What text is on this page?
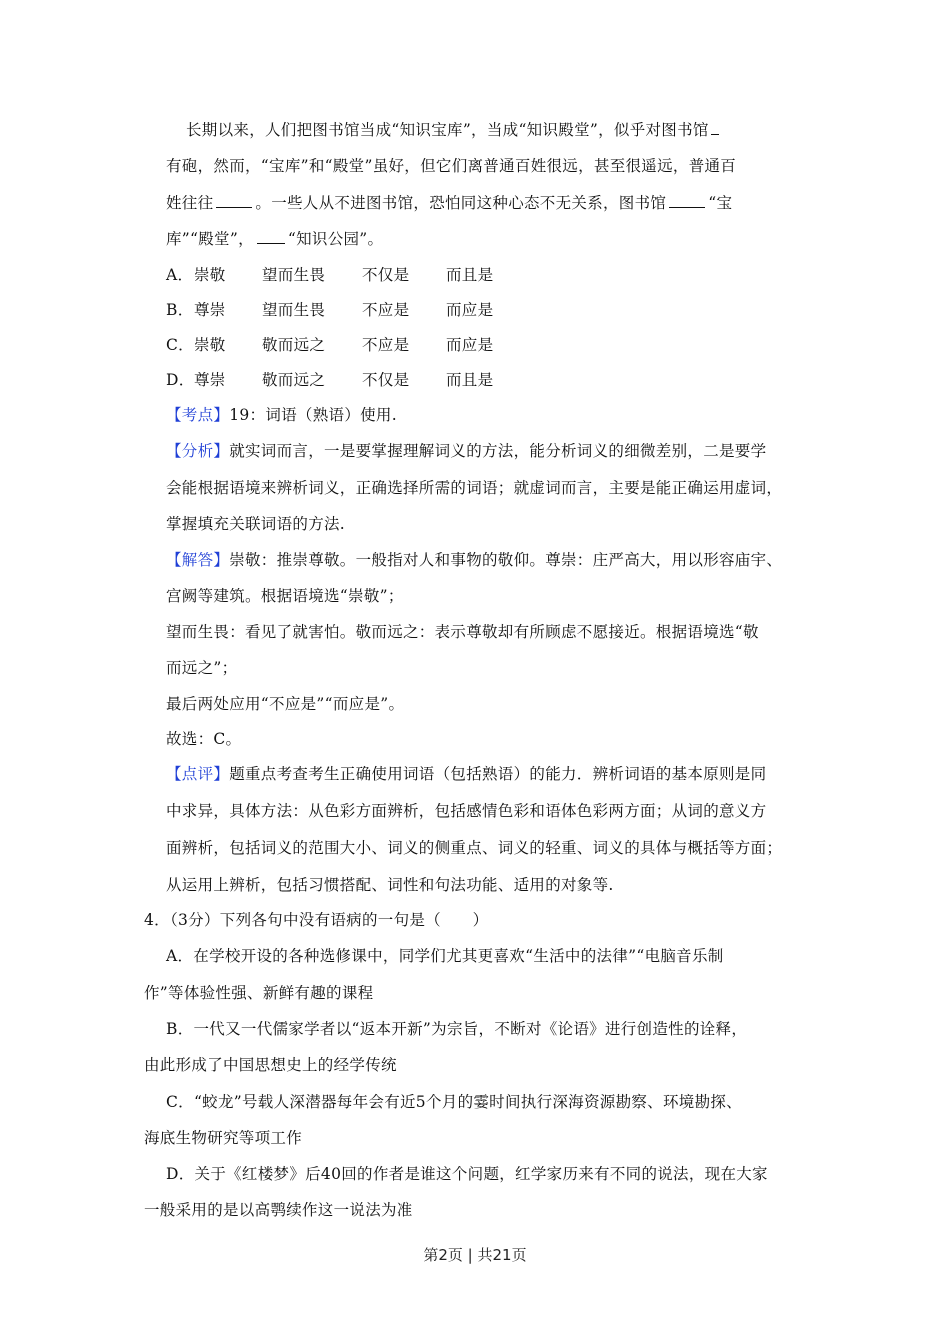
长期以来，人们把图书馆当成“知识宝库”，当成“知识殿堂”，似乎对图书馆
有砲，然而，“宝库”和“殿堂”虽好，但它们离普通百姓很远，甚至很遥远，普通百
姓往往	。一些人从不进图书馆，恐怕同这种心态不无关系，图书馆	“宝
库”“殿堂”， “知识公园”。
A．崇敬 望而生畏 不仅是 而且是
B．尊崇 望而生畏 不应是 而应是
C．崇敬 敬而远之 不应是 而应是
D．尊崇 敬而远之 不仅是 而且是
【考点】19：词语（熟语）使用.
【分析】就实词而言，一是要掌握理解词义的方法，能分析词义的细微差别，二是要学
会能根据语境来辨析词义，正确选择所需的词语；就虚词而言，主要是能正确运用虚词，
掌握填充关联词语的方法.
【解答】崇敬：推崇尊敬。一般指对人和事物的敬仰。尊崇：庄严高大，用以形容庙宇、
宫阙等建筑。根据语境选“崇敬”；
望而生畏：看见了就害怕。敬而远之：表示尊敬却有所顾虑不愿接近。根据语境选“敬
而远之”；
最后两处应用“不应是”“而应是”。
故选：C。
【点评】题重点考查考生正确使用词语（包括熟语）的能力．辨析词语的基本原则是同
中求异，具体方法：从色彩方面辨析，包括感情色彩和语体色彩两方面；从词的意义方
面辨析，包括词义的范围大小、词义的侧重点、词义的轻重、词义的具体与概括等方面；
从运用上辨析，包括习惯搭配、词性和句法功能、适用的对象等.
4．（3分）下列各句中没有语病的一句是（　　）
A．在学校开设的各种选修课中，同学们尤其更喜欢“生活中的法律”“电脑音乐制
作”等体验性强、新鲜有趣的课程
B．一代又一代儒家学者以“返本开新”为宗旨，不断对《论语》进行创造性的诠释，
由此形成了中国思想史上的经学传统
C．“蛟龙”号载人深潜器每年会有近5个月的霎时间执行深海资源勘察、环境勘探、
海底生物研究等项工作
D．关于《红楼梦》后40回的作者是谁这个问题，红学家历来有不同的说法，现在大家
一般采用的是以高鹗续作这一说法为准
第2页 | 共21页
